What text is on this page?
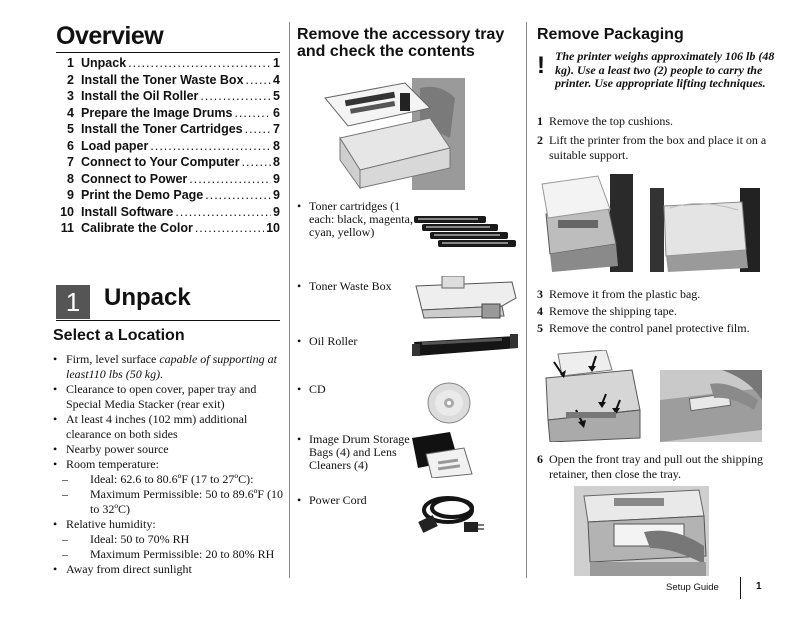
Overview
1 Unpack .....	1
2 Install the Toner Waste Box ..... 4
3 Install the Oil Roller .....	5
4 Prepare the Image Drums .....	6
5 Install the Toner Cartridges ..... 7
6 Load paper .....	8
7 Connect to Your Computer .....	8
8 Connect to Power .....	9
9 Print the Demo Page .....	9
10 Install Software .....	9
11 Calibrate the Color .....	10
1 Unpack
Select a Location
• Firm, level surface capable of supporting at least110 lbs (50 kg).
• Clearance to open cover, paper tray and Special Media Stacker (rear exit)
• At least 4 inches (102 mm) additional clearance on both sides
• Nearby power source
• Room temperature:
– Ideal: 62.6 to 80.6ºF (17 to 27ºC):
– Maximum Permissible: 50 to 89.6ºF (10 to 32ºC)
• Relative humidity:
– Ideal: 50 to 70% RH
– Maximum Permissible: 20 to 80% RH
• Away from direct sunlight
Remove the accessory tray
and check the contents
• Toner cartridges (1 each: black, magenta, cyan, yellow)
• Toner Waste Box
• Oil Roller
• CD
• Image Drum Storage Bags (4) and Lens Cleaners (4)
• Power Cord
Remove Packaging
! The printer weighs approximately 106 lb (48 kg). Use a least two (2) people to carry the printer. Use appropriate lifting techniques.
1 Remove the top cushions.
2 Lift the printer from the box and place it on a suitable support.
3 Remove it from the plastic bag.
4 Remove the shipping tape.
5 Remove the control panel protective film.
6 Open the front tray and pull out the shipping retainer, then close the tray.
Setup Guide	1
